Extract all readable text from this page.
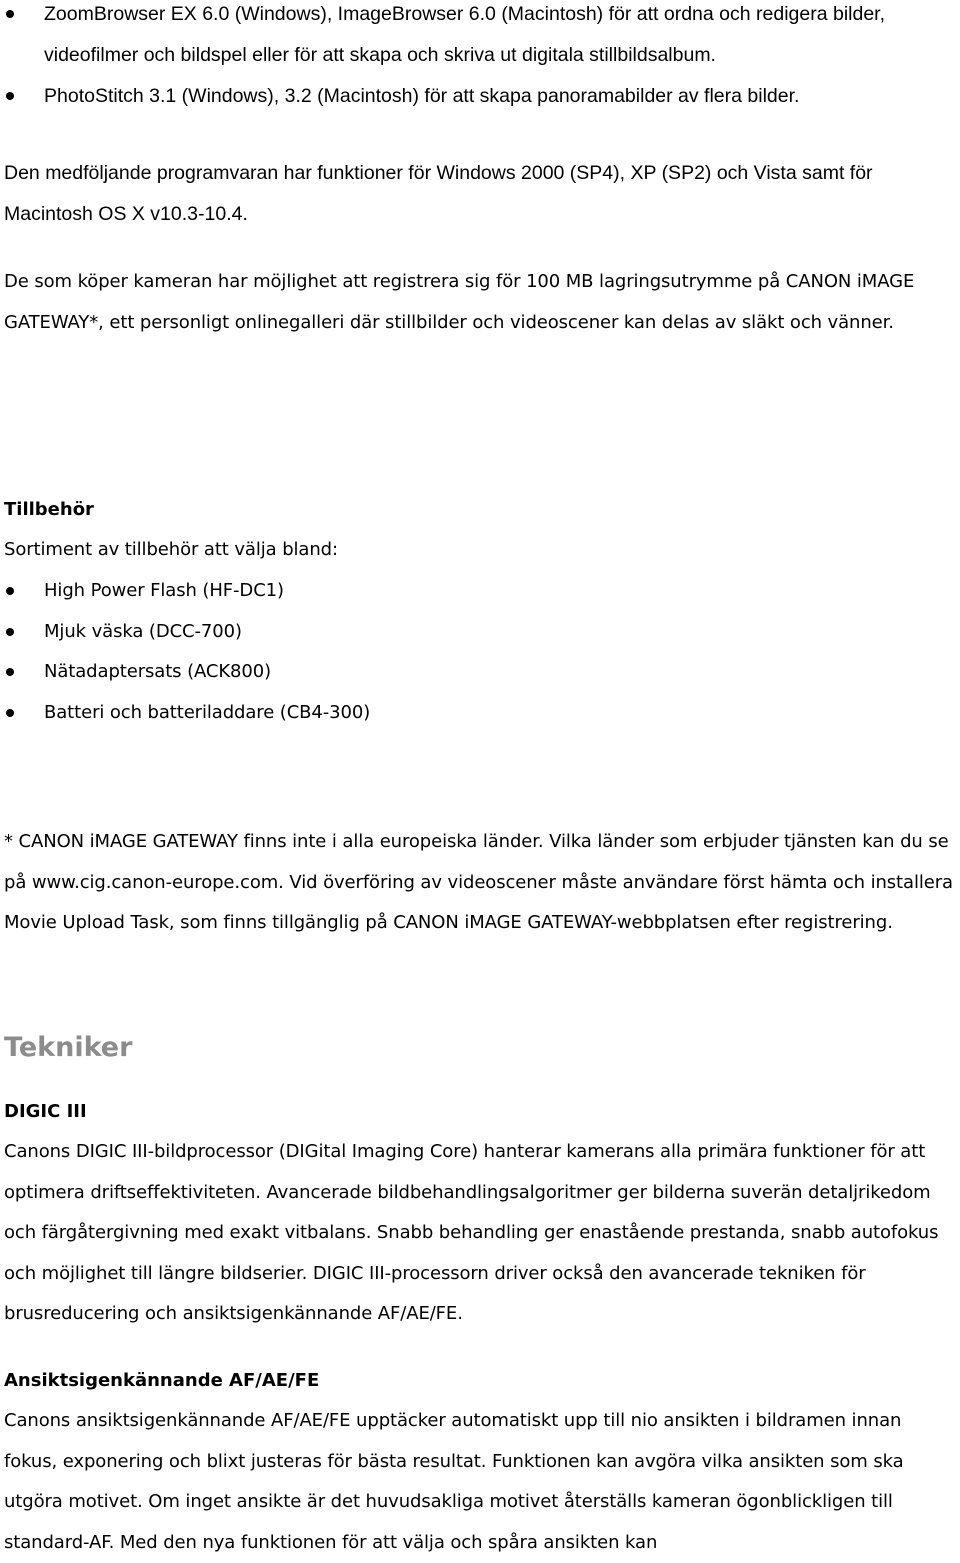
ZoomBrowser EX 6.0 (Windows), ImageBrowser 6.0 (Macintosh) för att ordna och redigera bilder, videofilmer och bildspel eller för att skapa och skriva ut digitala stillbildsalbum.
PhotoStitch 3.1 (Windows), 3.2 (Macintosh) för att skapa panoramabilder av flera bilder.

Den medföljande programvaran har funktioner för Windows 2000 (SP4), XP (SP2) och Vista samt för Macintosh OS X v10.3-10.4.

De som köper kameran har möjlighet att registrera sig för 100 MB lagringsutrymme på CANON iMAGE GATEWAY*, ett personligt onlinegalleri där stillbilder och videoscener kan delas av släkt och vänner.

Tillbehör

Sortiment av tillbehör att välja bland:

High Power Flash (HF-DC1)
Mjuk väska (DCC-700)
Nätadaptersats (ACK800)
Batteri och batteriladdare (CB4-300)

* CANON iMAGE GATEWAY finns inte i alla europeiska länder. Vilka länder som erbjuder tjänsten kan du se på www.cig.canon-europe.com. Vid överföring av videoscener måste användare först hämta och installera Movie Upload Task, som finns tillgänglig på CANON iMAGE GATEWAY-webbplatsen efter registrering.

Tekniker

DIGIC III

Canons DIGIC III-bildprocessor (DIGital Imaging Core) hanterar kamerans alla primära funktioner för att optimera driftseffektiviteten. Avancerade bildbehandlingsalgoritmer ger bilderna suverän detaljrikedom och färgåtergivning med exakt vitbalans. Snabb behandling ger enastående prestanda, snabb autofokus och möjlighet till längre bildserier. DIGIC III-processorn driver också den avancerade tekniken för brusreducering och ansiktsigenkännande AF/AE/FE.

Ansiktsigenkännande AF/AE/FE

Canons ansiktsigenkännande AF/AE/FE upptäcker automatiskt upp till nio ansikten i bildramen innan fokus, exponering och blixt justeras för bästa resultat. Funktionen kan avgöra vilka ansikten som ska utgöra motivet. Om inget ansikte är det huvudsakliga motivet återställs kameran ögonblickligen till standard-AF. Med den nya funktionen för att välja och spåra ansikten kan
